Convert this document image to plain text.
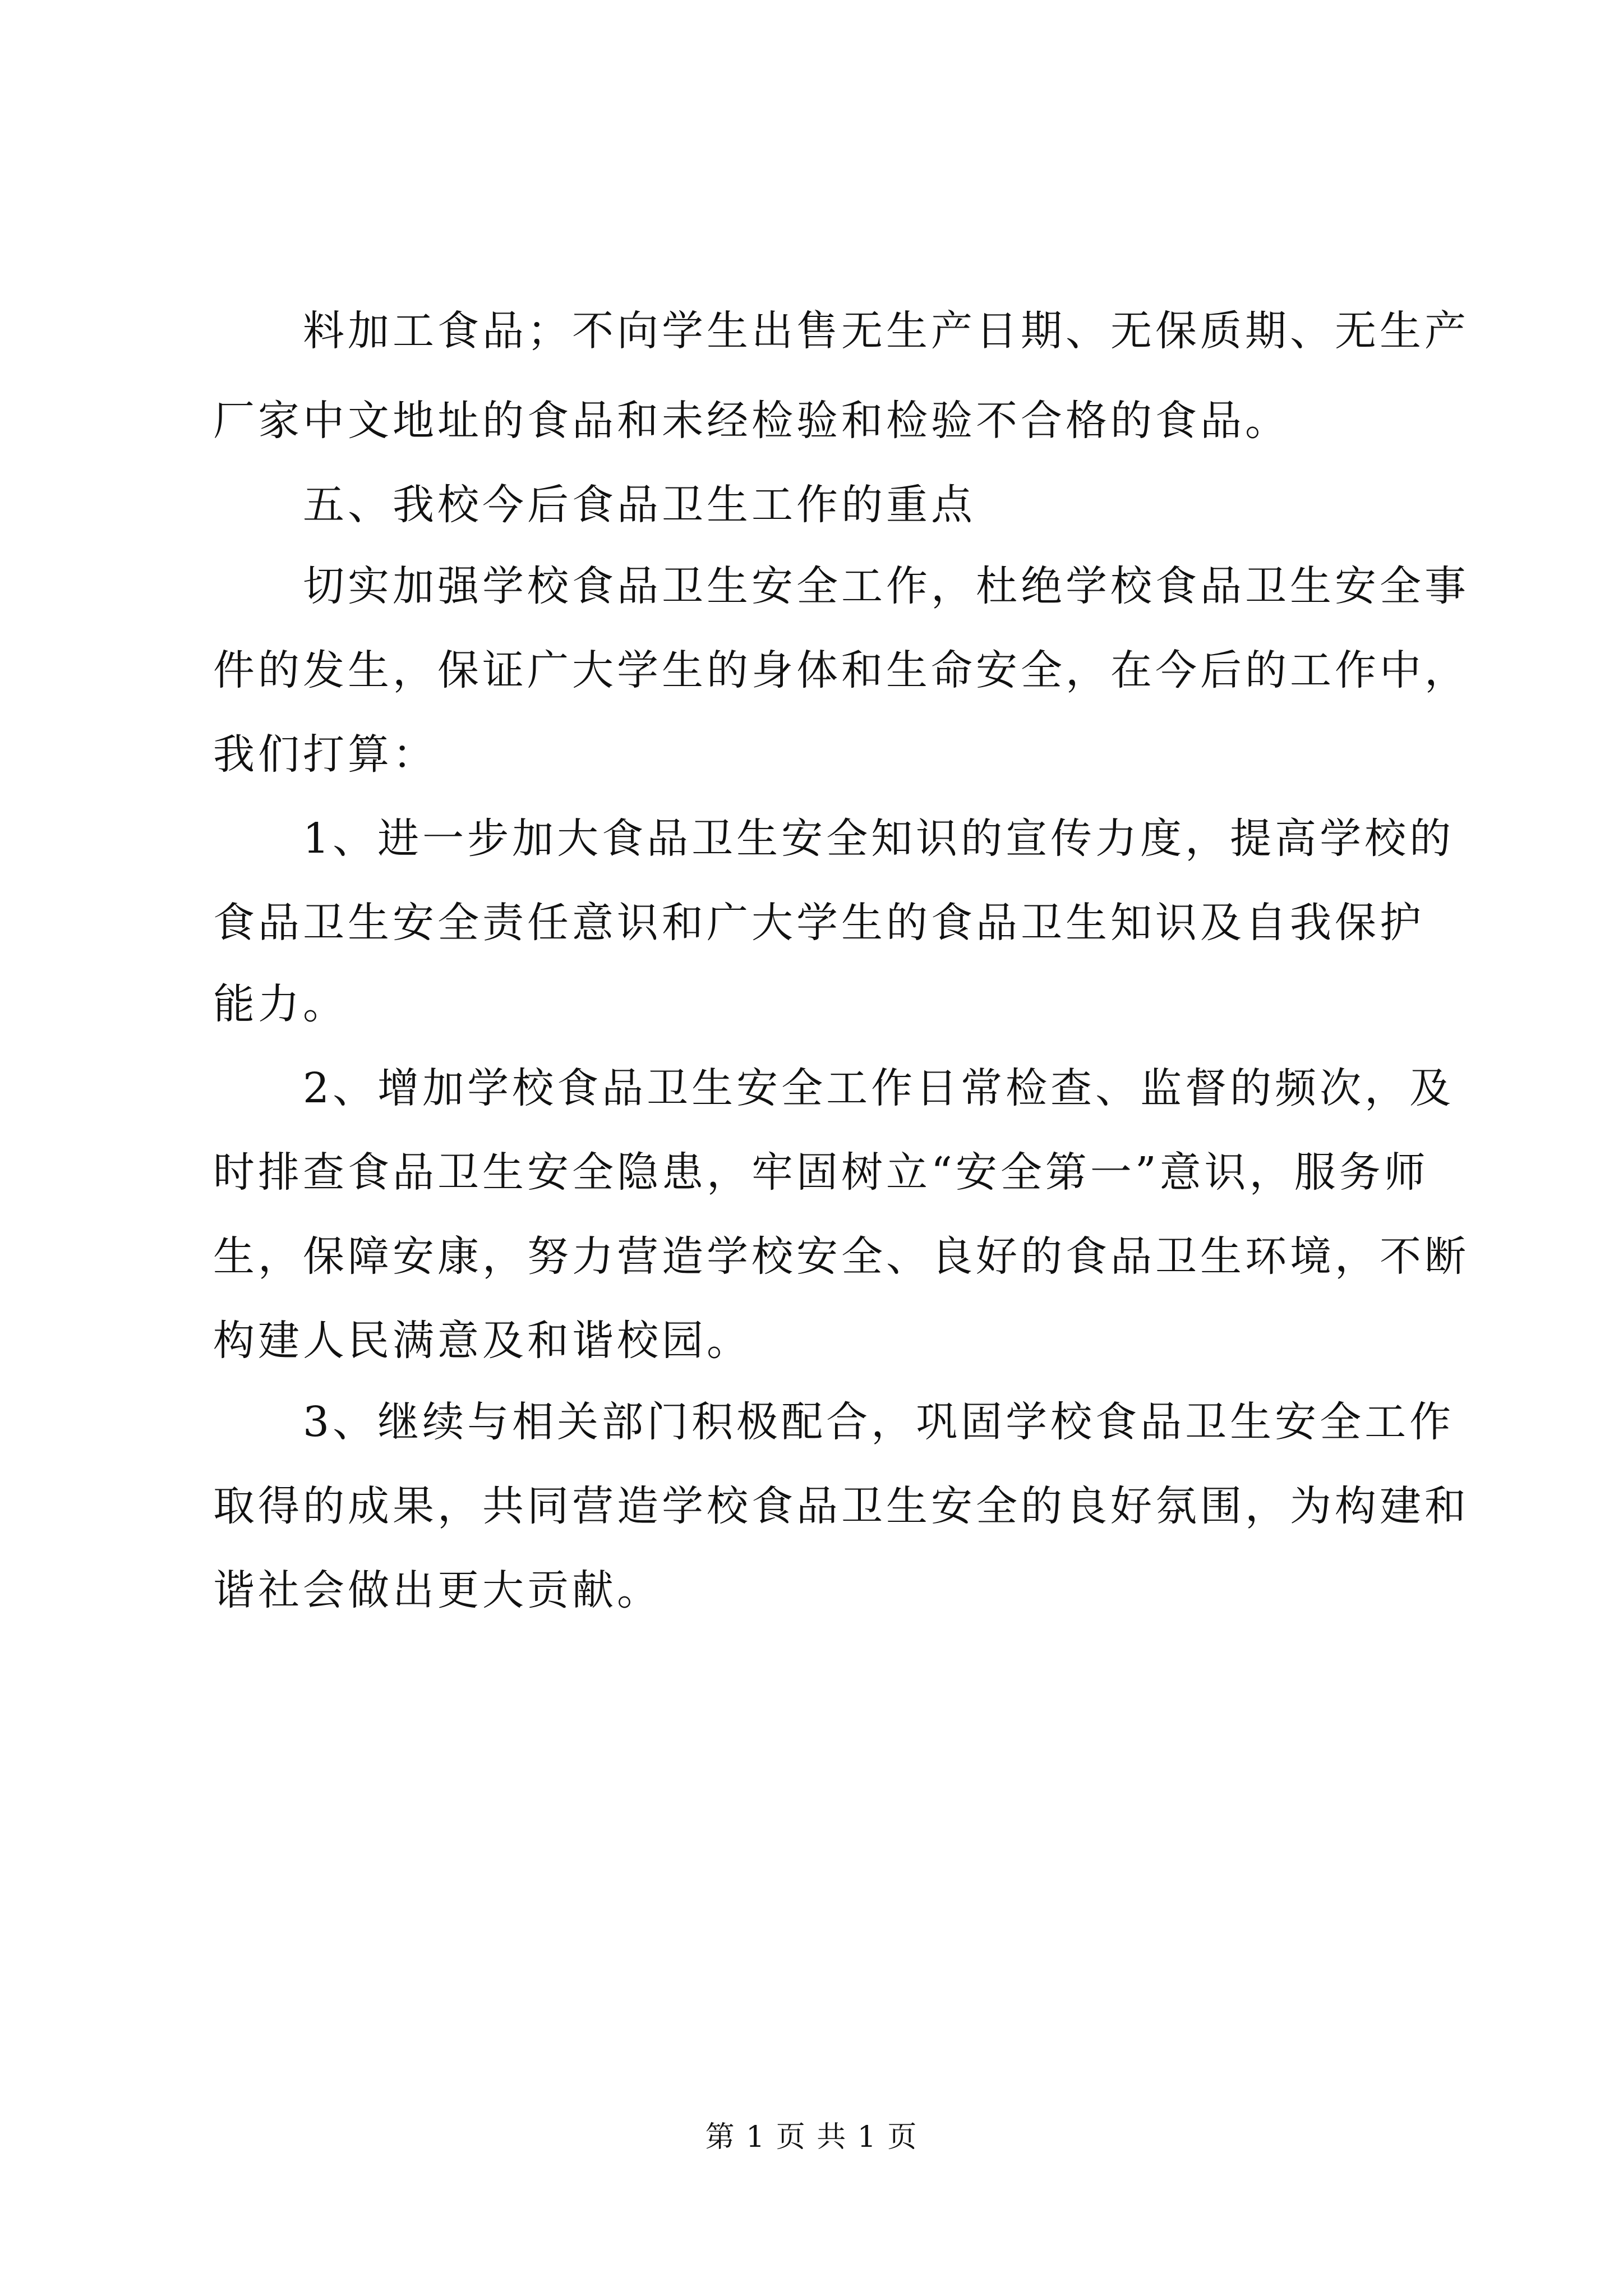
料加工食品；不向学生出售无生产日期、无保质期、无生产
厂家中文地址的食品和未经检验和检验不合格的食品。
五、我校今后食品卫生工作的重点
切实加强学校食品卫生安全工作，杜绝学校食品卫生安全事
件的发生，保证广大学生的身体和生命安全，在今后的工作中，
我们打算：
1、进一步加大食品卫生安全知识的宣传力度，提高学校的
食品卫生安全责任意识和广大学生的食品卫生知识及自我保护
能力。
2、增加学校食品卫生安全工作日常检查、监督的频次，及
时排查食品卫生安全隐患，牢固树立“安全第一”意识，服务师
生，保障安康，努力营造学校安全、良好的食品卫生环境，不断
构建人民满意及和谐校园。
3、继续与相关部门积极配合，巩固学校食品卫生安全工作
取得的成果，共同营造学校食品卫生安全的良好氛围，为构建和
谐社会做出更大贡献。
第 1 页 共 1 页
